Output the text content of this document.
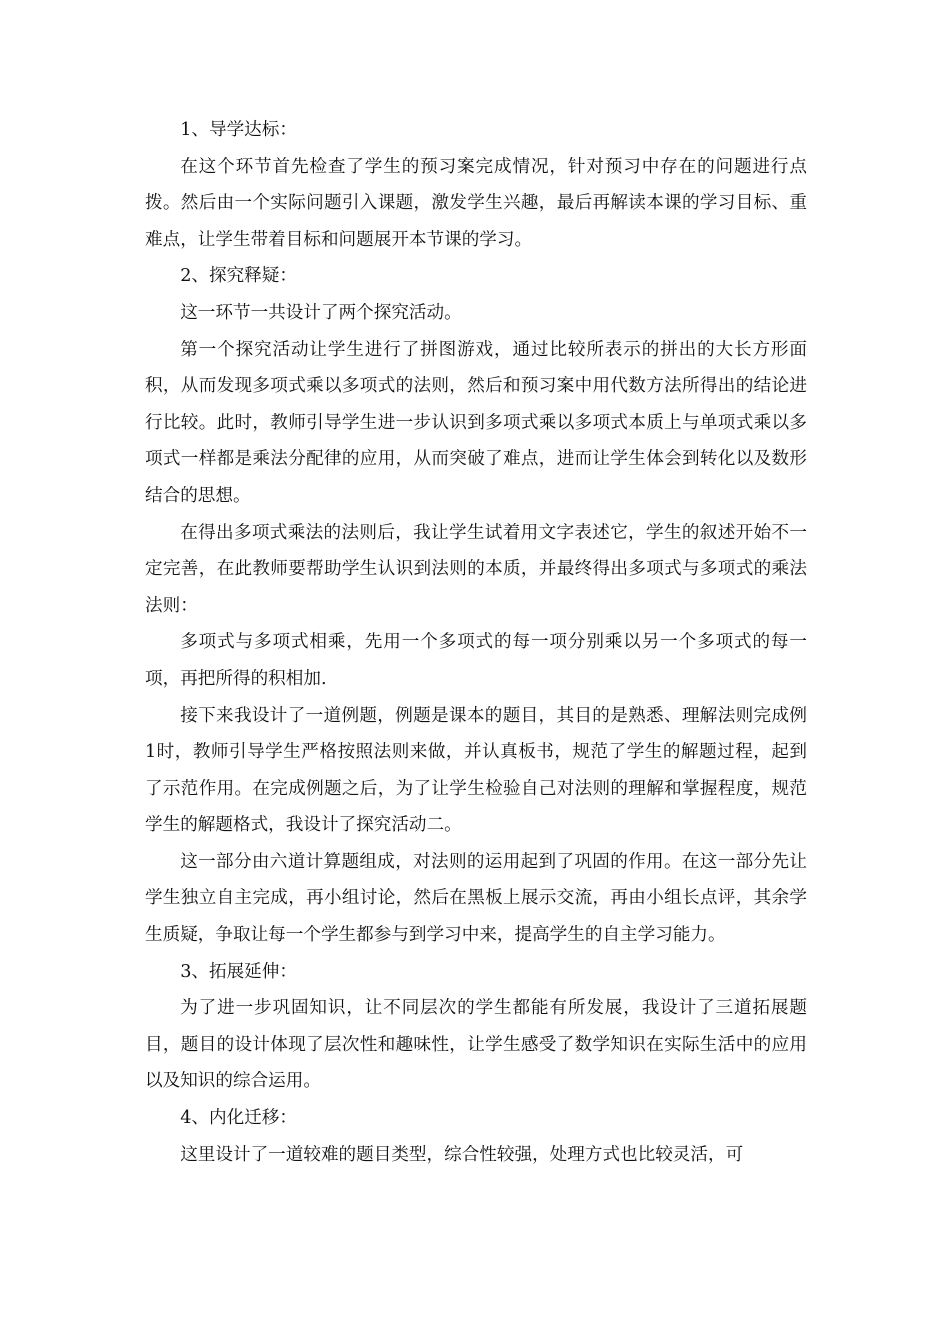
1、导学达标：

在这个环节首先检查了学生的预习案完成情况，针对预习中存在的问题进行点拨。然后由一个实际问题引入课题，激发学生兴趣，最后再解读本课的学习目标、重难点，让学生带着目标和问题展开本节课的学习。

2、探究释疑：

这一环节一共设计了两个探究活动。

第一个探究活动让学生进行了拼图游戏，通过比较所表示的拼出的大长方形面积，从而发现多项式乘以多项式的法则，然后和预习案中用代数方法所得出的结论进行比较。此时，教师引导学生进一步认识到多项式乘以多项式本质上与单项式乘以多项式一样都是乘法分配律的应用，从而突破了难点，进而让学生体会到转化以及数形结合的思想。

在得出多项式乘法的法则后，我让学生试着用文字表述它，学生的叙述开始不一定完善，在此教师要帮助学生认识到法则的本质，并最终得出多项式与多项式的乘法法则：

多项式与多项式相乘，先用一个多项式的每一项分别乘以另一个多项式的每一项，再把所得的积相加.

接下来我设计了一道例题，例题是课本的题目，其目的是熟悉、理解法则完成例1时，教师引导学生严格按照法则来做，并认真板书，规范了学生的解题过程，起到了示范作用。在完成例题之后，为了让学生检验自己对法则的理解和掌握程度，规范学生的解题格式，我设计了探究活动二。

这一部分由六道计算题组成，对法则的运用起到了巩固的作用。在这一部分先让学生独立自主完成，再小组讨论，然后在黑板上展示交流，再由小组长点评，其余学生质疑，争取让每一个学生都参与到学习中来，提高学生的自主学习能力。

3、拓展延伸：

为了进一步巩固知识，让不同层次的学生都能有所发展，我设计了三道拓展题目，题目的设计体现了层次性和趣味性，让学生感受了数学知识在实际生活中的应用以及知识的综合运用。

4、内化迁移：

这里设计了一道较难的题目类型，综合性较强，处理方式也比较灵活，可
